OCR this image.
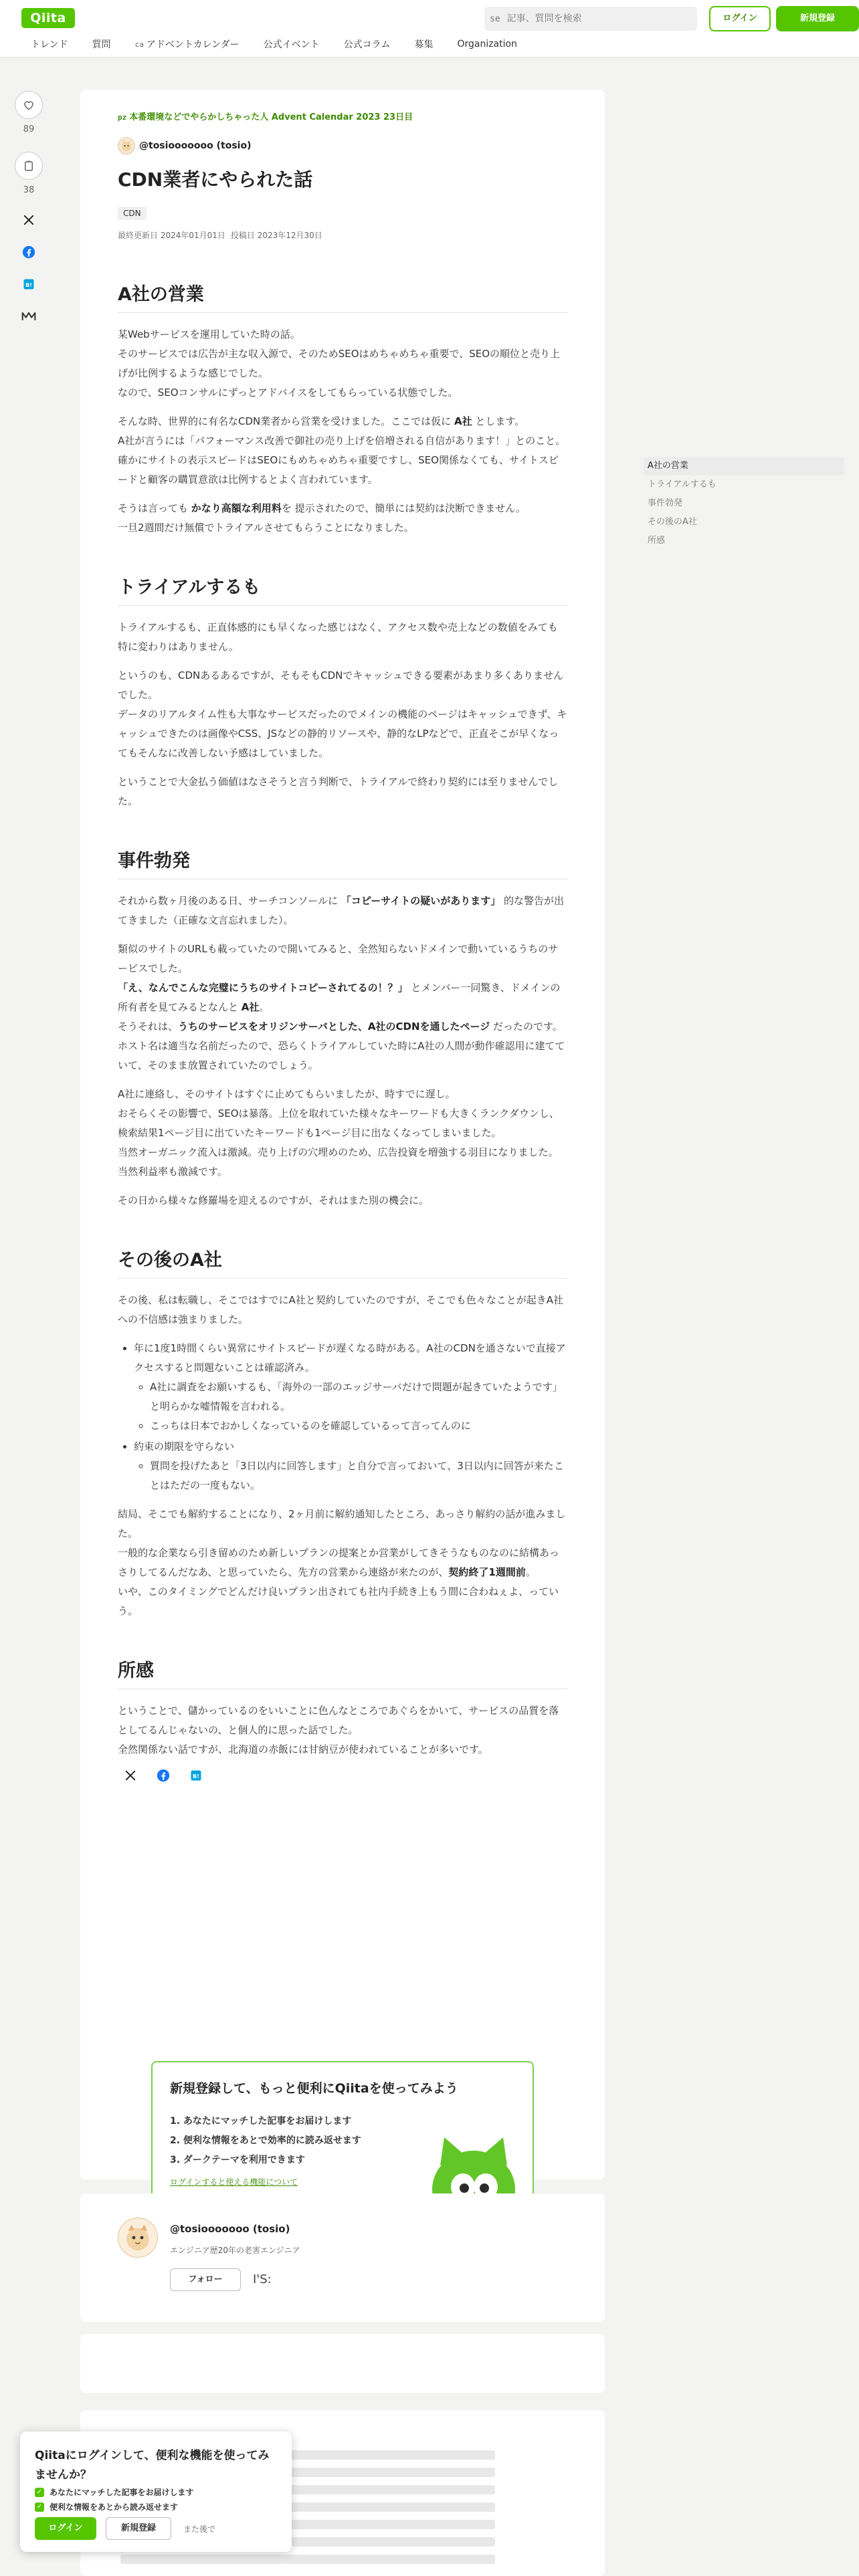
Qiita	se
記事、質問を検索	ログイン	新規登録
トレンド	質問	ca アドベントカレンダー	公式イベント	公式コラム	募集	Organization
89
38
B!
pz 本番環境などでやらかしちゃった人 Advent Calendar 2023 23日目
@tosiooooooo (tosio)
CDN業者にやられた話
CDN
最終更新日 2024年01月01日 投稿日 2023年12月30日
A社の営業

某Webサービスを運用していた時の話。
そのサービスでは広告が主な収入源で、そのためSEOはめちゃめちゃ重要で、SEOの順位と売り上げが比例するような感じでした。
なので、SEOコンサルにずっとアドバイスをしてもらっている状態でした。

そんな時、世界的に有名なCDN業者から営業を受けました。ここでは仮に A社 とします。
A社が言うには「パフォーマンス改善で御社の売り上げを倍増される自信があります！」とのこと。
確かにサイトの表示スピードはSEOにもめちゃめちゃ重要ですし、SEO関係なくても、サイトスピードと顧客の購買意欲は比例するとよく言われています。

そうは言っても かなり高額な利用料を 提示されたので、簡単には契約は決断できません。
一旦2週間だけ無償でトライアルさせてもらうことになりました。

トライアルするも

トライアルするも、正直体感的にも早くなった感じはなく、アクセス数や売上などの数値をみても特に変わりはありません。

というのも、CDNあるあるですが、そもそもCDNでキャッシュできる要素があまり多くありませんでした。
データのリアルタイム性も大事なサービスだったのでメインの機能のページはキャッシュできず、キャッシュできたのは画像やCSS、JSなどの静的リソースや、静的なLPなどで、正直そこが早くなってもそんなに改善しない予感はしていました。

ということで大金払う価値はなさそうと言う判断で、トライアルで終わり契約には至りませんでした。

事件勃発

それから数ヶ月後のある日、サーチコンソールに 「コピーサイトの疑いがあります」 的な警告が出てきました（正確な文言忘れました）。

類似のサイトのURLも載っていたので開いてみると、全然知らないドメインで動いているうちのサービスでした。
「え、なんでこんな完璧にうちのサイトコピーされてるの！？」 とメンバー一同驚き、ドメインの所有者を見てみるとなんと A社。
そうそれは、うちのサービスをオリジンサーバとした、A社のCDNを通したページ だったのです。
ホスト名は適当な名前だったので、恐らくトライアルしていた時にA社の人間が動作確認用に建てていて、そのまま放置されていたのでしょう。

A社に連絡し、そのサイトはすぐに止めてもらいましたが、時すでに遅し。
おそらくその影響で、SEOは暴落。上位を取れていた様々なキーワードも大きくランクダウンし、検索結果1ページ目に出ていたキーワードも1ページ目に出なくなってしまいました。
当然オーガニック流入は激減。売り上げの穴埋めのため、広告投資を増強する羽目になりました。
当然利益率も激減です。

その日から様々な修羅場を迎えるのですが、それはまた別の機会に。

その後のA社

その後、私は転職し、そこではすでにA社と契約していたのですが、そこでも色々なことが起きA社への不信感は強まりました。

• 年に1度1時間くらい異常にサイトスピードが遅くなる時がある。A社のCDNを通さないで直接アクセスすると問題ないことは確認済み。
◦ A社に調査をお願いするも、「海外の一部のエッジサーバだけで問題が起きていたようです」と明らかな嘘情報を言われる。
◦ こっちは日本でおかしくなっているのを確認しているって言ってんのに
• 約束の期限を守らない
◦ 質問を投げたあと「3日以内に回答します」と自分で言っておいて、3日以内に回答が来たことはただの一度もない。

結局、そこでも解約することになり、2ヶ月前に解約通知したところ、あっさり解約の話が進みました。
一般的な企業なら引き留めのため新しいプランの提案とか営業がしてきそうなものなのに結構あっさりしてるんだなあ、と思っていたら、先方の営業から連絡が来たのが、契約終了1週間前。
いや、このタイミングでどんだけ良いプラン出されても社内手続き上もう間に合わねぇよ、っていう。

所感

ということで、儲かっているのをいいことに色んなところであぐらをかいて、サービスの品質を落としてるんじゃないの、と個人的に思った話でした。
全然関係ない話ですが、北海道の赤飯には甘納豆が使われていることが多いです。

B!
新規登録して、もっと便利にQiitaを使ってみよう
1. あなたにマッチした記事をお届けします
2. 便利な情報をあとで効率的に読み返せます
3. ダークテーマを利用できます
ログインすると使える機能について
A社の営業
トライアルするも
事件勃発
その後のA社
所感
@tosiooooooo (tosio)
エンジニア歴20年の老害エンジニア
フォロー	I'S:
Qiitaにログインして、便利な機能を使ってみませんか？
✓ あなたにマッチした記事をお届けします
✓ 便利な情報をあとから読み返せます
ログイン	新規登録	また後で
